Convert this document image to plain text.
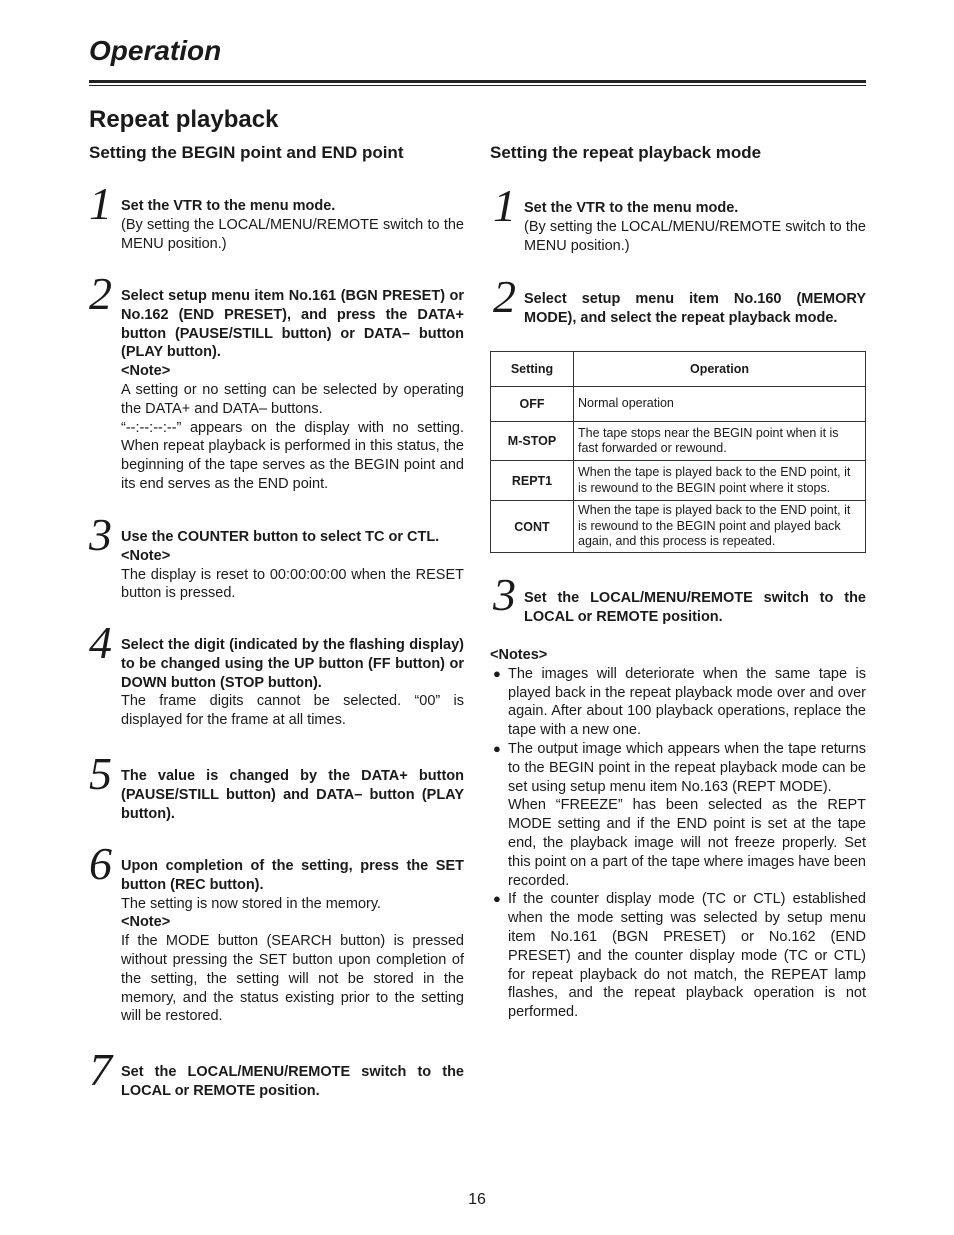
Operation
Repeat playback
Setting the BEGIN point and END point	Setting the repeat playback mode
1 Set the VTR to the menu mode.
(By setting the LOCAL/MENU/REMOTE switch to the MENU position.)
2 Select setup menu item No.161 (BGN PRESET) or No.162 (END PRESET), and press the DATA+ button (PAUSE/STILL button) or DATA– button (PLAY button).
<Note>
A setting or no setting can be selected by operating the DATA+ and DATA– buttons.
“--:--:--:--” appears on the display with no setting. When repeat playback is performed in this status, the beginning of the tape serves as the BEGIN point and its end serves as the END point.
3 Use the COUNTER button to select TC or CTL.
<Note>
The display is reset to 00:00:00:00 when the RESET button is pressed.
4 Select the digit (indicated by the flashing display) to be changed using the UP button (FF button) or DOWN button (STOP button).
The frame digits cannot be selected. “00” is displayed for the frame at all times.
5 The value is changed by the DATA+ button (PAUSE/STILL button) and DATA– button (PLAY button).
6 Upon completion of the setting, press the SET button (REC button).
The setting is now stored in the memory.
<Note>
If the MODE button (SEARCH button) is pressed without pressing the SET button upon completion of the setting, the setting will not be stored in the memory, and the status existing prior to the setting will be restored.
7 Set the LOCAL/MENU/REMOTE switch to the LOCAL or REMOTE position.
1 Set the VTR to the menu mode.
(By setting the LOCAL/MENU/REMOTE switch to the MENU position.)
2 Select setup menu item No.160 (MEMORY MODE), and select the repeat playback mode.
Setting	Operation
OFF	Normal operation
M-STOP	The tape stops near the BEGIN point when it is fast forwarded or rewound.
REPT1	When the tape is played back to the END point, it is rewound to the BEGIN point where it stops.
CONT	When the tape is played back to the END point, it is rewound to the BEGIN point and played back again, and this process is repeated.
3 Set the LOCAL/MENU/REMOTE switch to the LOCAL or REMOTE position.
<Notes>
● The images will deteriorate when the same tape is played back in the repeat playback mode over and over again. After about 100 playback operations, replace the tape with a new one.
● The output image which appears when the tape returns to the BEGIN point in the repeat playback mode can be set using setup menu item No.163 (REPT MODE).
When “FREEZE” has been selected as the REPT MODE setting and if the END point is set at the tape end, the playback image will not freeze properly. Set this point on a part of the tape where images have been recorded.
● If the counter display mode (TC or CTL) established when the mode setting was selected by setup menu item No.161 (BGN PRESET) or No.162 (END PRESET) and the counter display mode (TC or CTL) for repeat playback do not match, the REPEAT lamp flashes, and the repeat playback operation is not performed.
16
